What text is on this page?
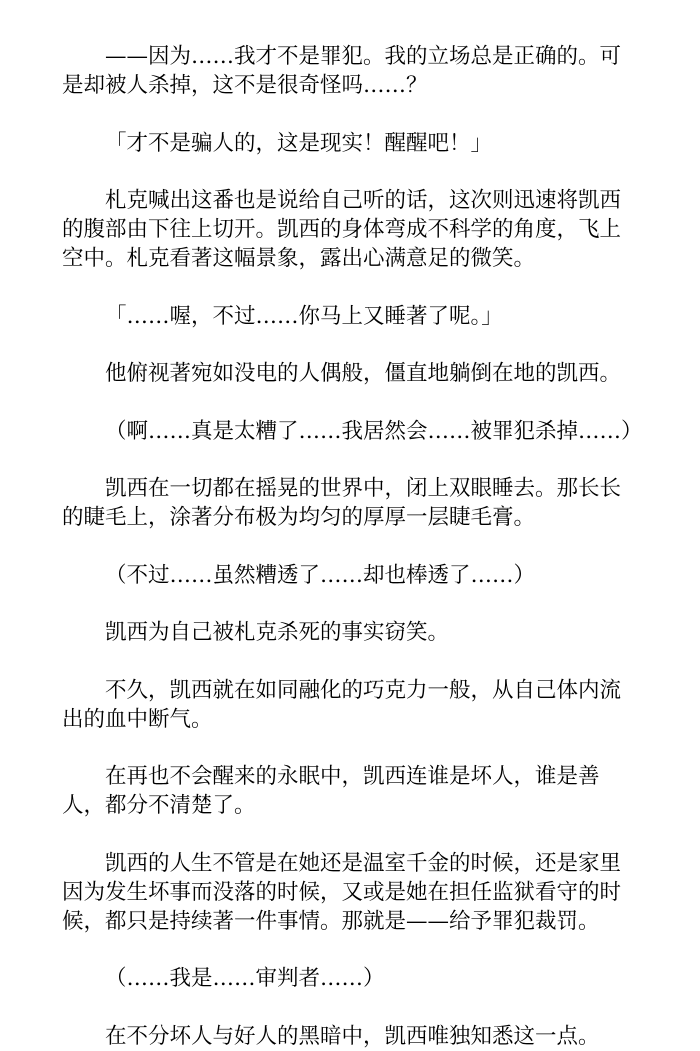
——因为……我才不是罪犯。我的立场总是正确的。可是却被人杀掉，这不是很奇怪吗……？

「才不是骗人的，这是现实！醒醒吧！」

札克喊出这番也是说给自己听的话，这次则迅速将凯西的腹部由下往上切开。凯西的身体弯成不科学的角度，飞上空中。札克看著这幅景象，露出心满意足的微笑。

「……喔，不过……你马上又睡著了呢。」

他俯视著宛如没电的人偶般，僵直地躺倒在地的凯西。

（啊……真是太糟了……我居然会……被罪犯杀掉……）

凯西在一切都在摇晃的世界中，闭上双眼睡去。那长长的睫毛上，涂著分布极为均匀的厚厚一层睫毛膏。

（不过……虽然糟透了……却也棒透了……）

凯西为自己被札克杀死的事实窃笑。

不久，凯西就在如同融化的巧克力一般，从自己体内流出的血中断气。

在再也不会醒来的永眠中，凯西连谁是坏人，谁是善人，都分不清楚了。

凯西的人生不管是在她还是温室千金的时候，还是家里因为发生坏事而没落的时候，又或是她在担任监狱看守的时候，都只是持续著一件事情。那就是——给予罪犯裁罚。

（……我是……审判者……）

在不分坏人与好人的黑暗中，凯西唯独知悉这一点。
